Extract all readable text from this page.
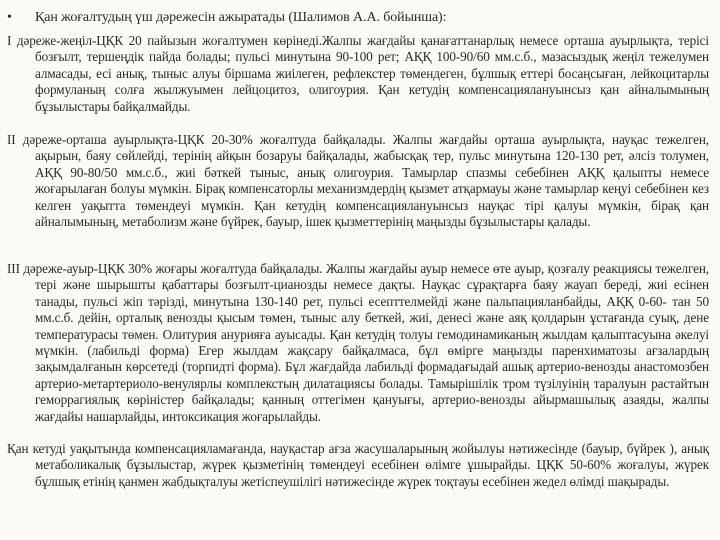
• Қан жоғалтудың үш дәрежесін ажыратады (Шалимов А.А. бойынша):
I дәреже-жеңіл-ЦҚК 20 пайызын жоғалтумен көрінеді.Жалпы жағдайы қанағаттанарлық немесе орташа ауырлықта, терісі бозғылт, тершеңдік пайда болады; пульсі минутына 90-100 рет; АҚҚ 100-90/60 мм.с.б., мазасыздық жеңіл тежелумен алмасады, есі анық, тыныс алуы біршама жиілеген, рефлекстер төмендеген, бұлшық еттері босаңсыған, лейкоцитарлы формуланың солға жылжуымен лейцоцитоз, олигоурия. Қан кетудің компенсациялануынсыз қан айналымының бұзылыстары байқалмайды.
II дәреже-орташа ауырлықта-ЦҚК 20-30% жоғалтуда байқалады. Жалпы жағдайы орташа ауырлықта, науқас тежелген, ақырын, баяу сөйлейді, терінің айқын бозаруы байқалады, жабысқақ тер, пульс минутына 120-130 рет, әлсіз толумен, АҚҚ 90-80/50 мм.с.б., жиі бәткей тыныс, анық олигоурия. Тамырлар спазмы себебінен АҚҚ қалыпты немесе жоғарылаған болуы мүмкін. Бірақ компенсаторлы механизмдердің қызмет атқармауы және тамырлар кеңуі себебінен кез келген уақытта төмендеуі мүмкін. Қан кетудің компенсациялануынсыз науқас тірі қалуы мүмкін, бірақ қан айналымының, метаболизм және бүйрек, бауыр, ішек қызметтерінің маңызды бұзылыстары қалады.
III дәреже-ауыр-ЦҚК 30% жоғары жоғалтуда байқалады. Жалпы жағдайы ауыр немесе өте ауыр, қозғалу реакциясы тежелген, тері және шырышты қабаттары бозғылт-цианозды немесе дақты. Науқас сұрақтарға баяу жауап береді, жиі есінен танады, пульсі жіп тәрізді, минутына 130-140 рет, пульсі есепттелмейді және пальпацияланбайды, АҚҚ 0-60- тан 50 мм.с.б. дейін, орталық венозды қысым төмен, тыныс алу беткей, жиі, денесі және аяқ қолдарын ұстағанда суық, дене температурасы төмен. Олитурия анурияға ауысады. Қан кетудің толуы гемодинамиканың жылдам қалыптасуына әкелуі мүмкін. (лабильді форма) Егер жылдам жақсару байқалмаса, бұл өмірге маңызды паренхиматозы ағзалардың зақымдалғанын көрсетеді (торпидті форма). Бұл жағдайда лабильді формадағыдай ашық артерио-венозды анастомозбен артерио-метартериоло-венулярлы комплекстың дилатациясы болады. Тамырішілік тром түзілуінің таралуын растайтын геморрагиялық көріністер байқалады; қанның оттегімен қануығы, артерио-венозды айырмашылық азаяды, жалпы жағдайы нашарлайды, интоксикация жоғарылайды.
Қан кетуді уақытында компенсацияламағанда, науқастар ағза жасушаларының жойылуы нәтижесінде (бауыр, бүйрек ), анық метаболикалық бұзылыстар, жүрек қызметінің төмендеуі есебінен өлімге ұшырайды. ЦҚК 50-60% жоғалуы, жүрек бұлшық етінің қанмен жабдықталуы жетіспеушілігі нәтижесінде жүрек тоқтауы есебінен жедел өлімді шақырады.
